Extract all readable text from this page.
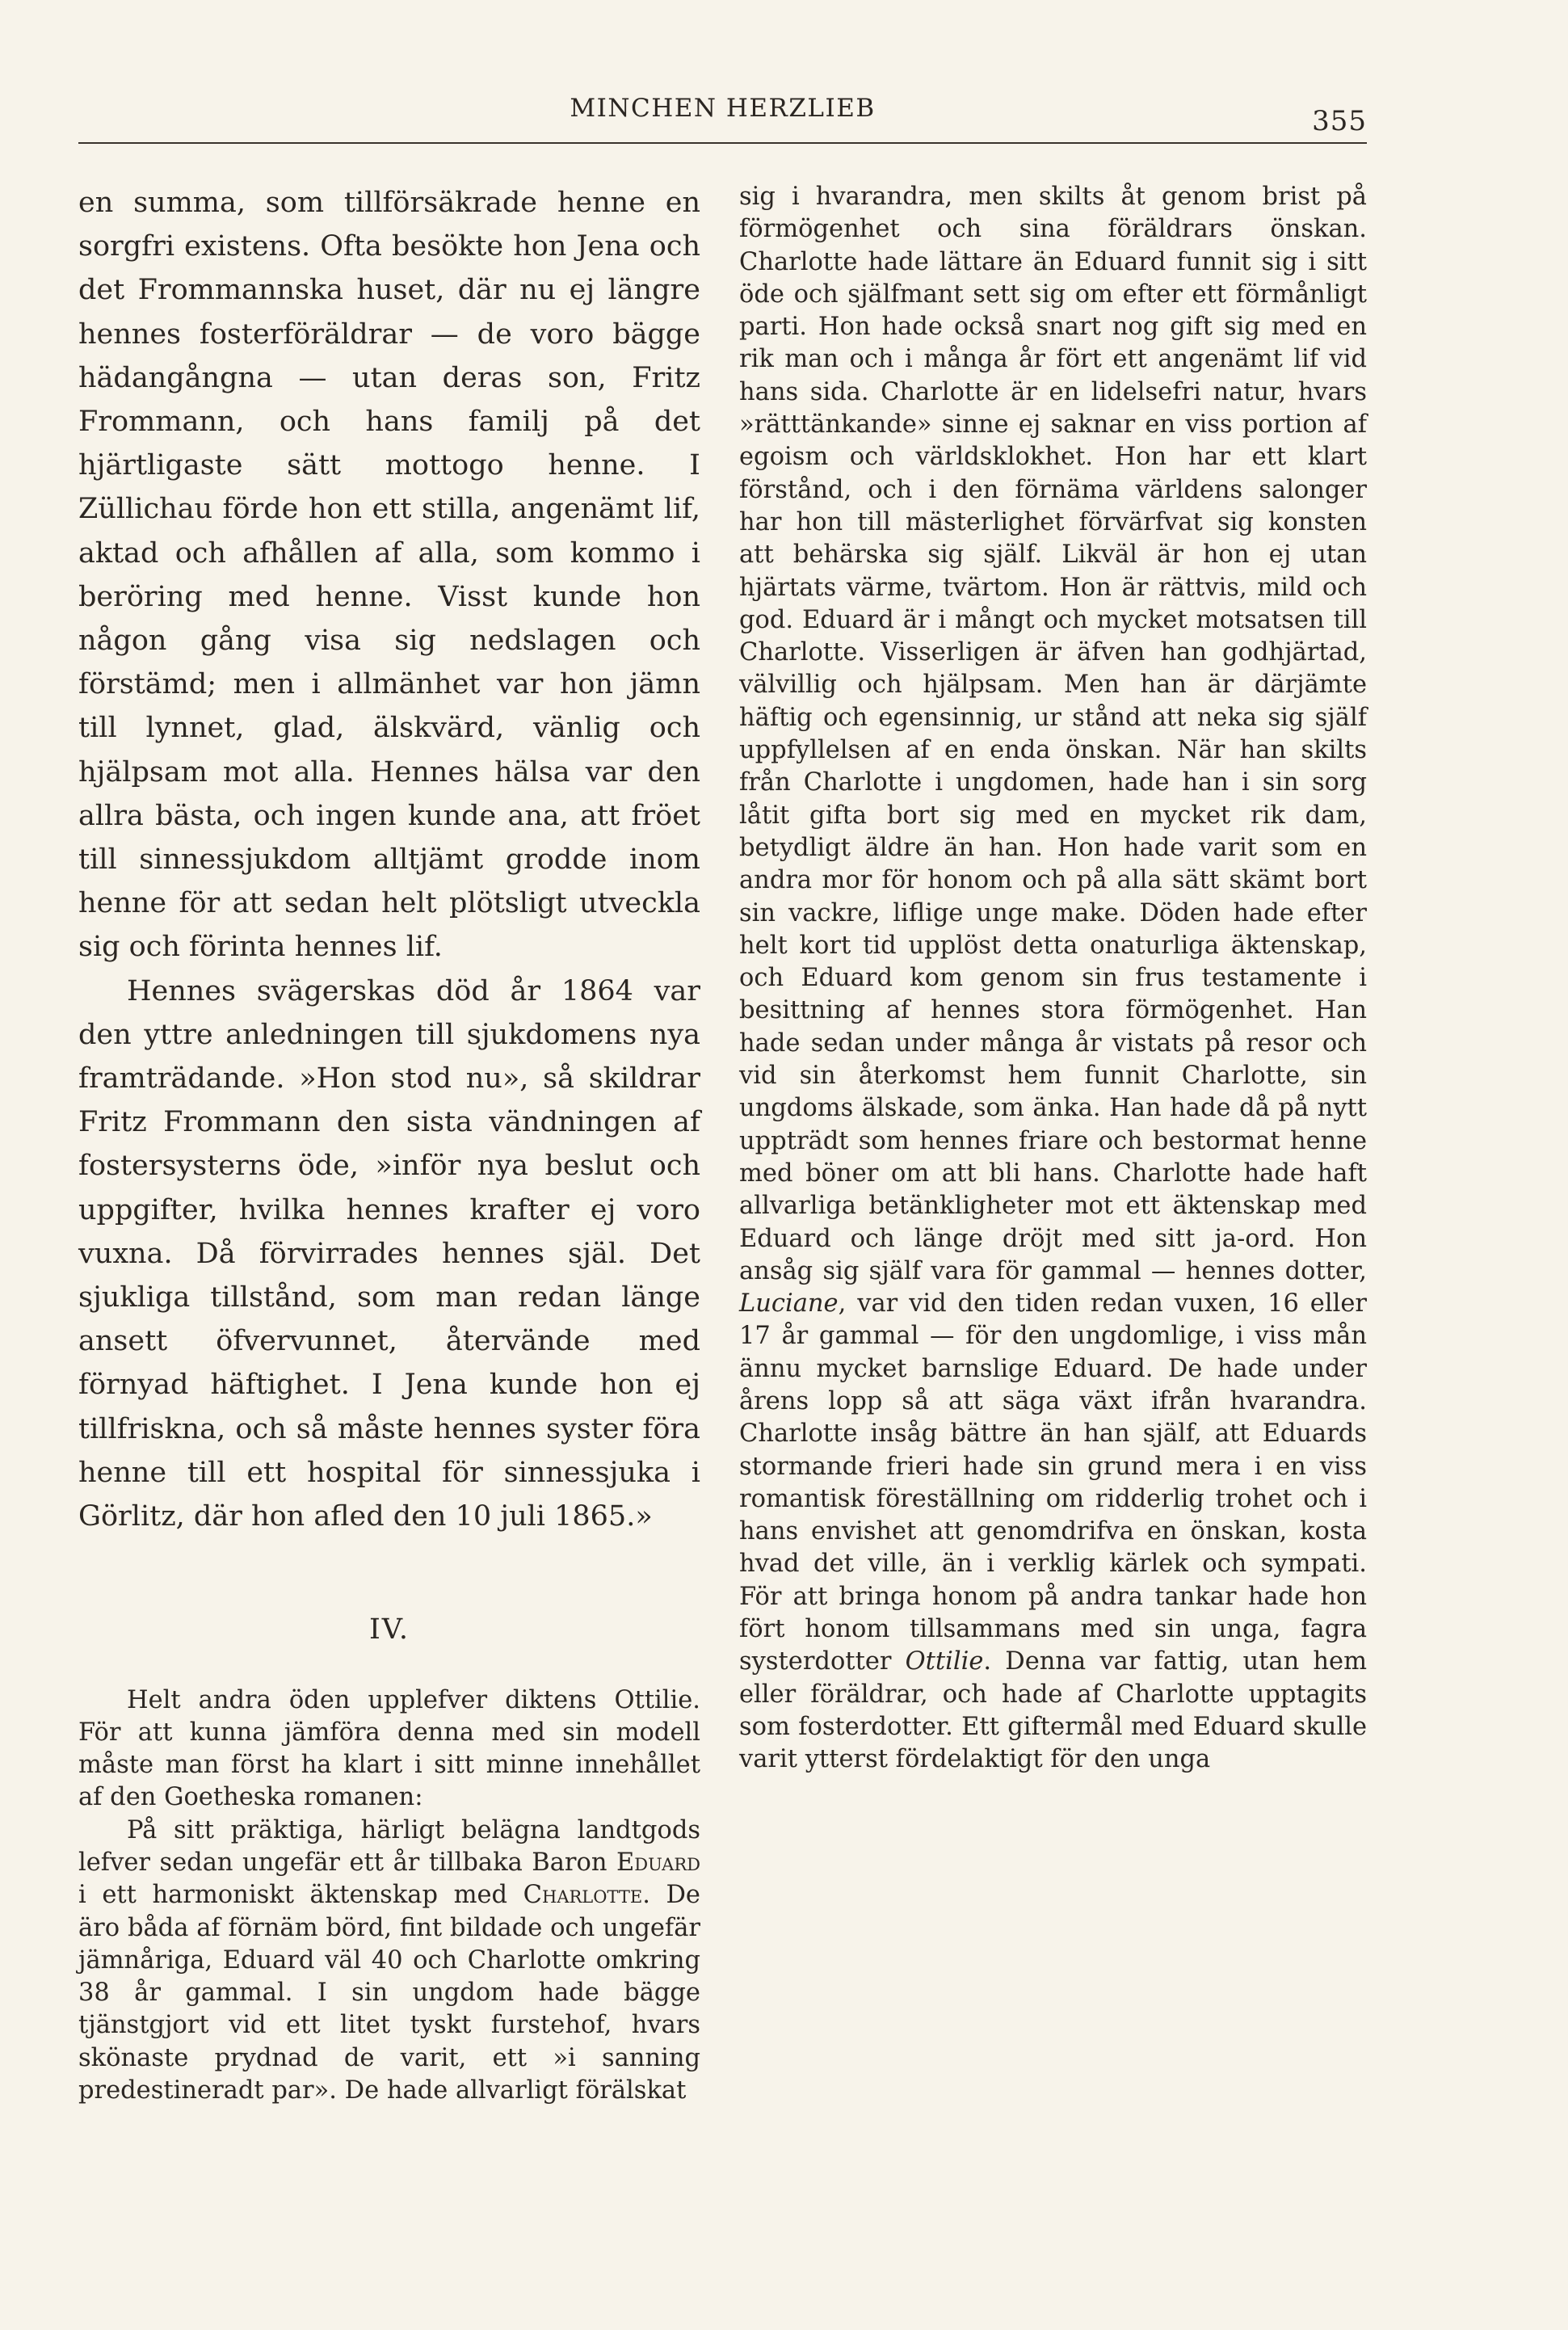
MINCHEN HERZLIEB	355

en summa, som tillförsäkrade henne en sorgfri existens. Ofta besökte hon Jena och det Frommannska huset, där nu ej längre hennes fosterföräldrar — de voro bägge hädangångna — utan deras son, Fritz Frommann, och hans familj på det hjärtligaste sätt mottogo henne. I Züllichau förde hon ett stilla, angenämt lif, aktad och afhållen af alla, som kommo i beröring med henne. Visst kunde hon någon gång visa sig nedslagen och förstämd; men i allmänhet var hon jämn till lynnet, glad, älskvärd, vänlig och hjälpsam mot alla. Hennes hälsa var den allra bästa, och ingen kunde ana, att fröet till sinnessjukdom alltjämt grodde inom henne för att sedan helt plötsligt utveckla sig och förinta hennes lif.

Hennes svägerskas död år 1864 var den yttre anledningen till sjukdomens nya framträdande. »Hon stod nu», så skildrar Fritz Frommann den sista vändningen af fostersysterns öde, »inför nya beslut och uppgifter, hvilka hennes krafter ej voro vuxna. Då förvirrades hennes själ. Det sjukliga tillstånd, som man redan länge ansett öfvervunnet, återvände med förnyad häftighet. I Jena kunde hon ej tillfriskna, och så måste hennes syster föra henne till ett hospital för sinnessjuka i Görlitz, där hon afled den 10 juli 1865.»

IV.

Helt andra öden upplefver diktens Ottilie. För att kunna jämföra denna med sin modell måste man först ha klart i sitt minne innehållet af den Goetheska romanen:

På sitt präktiga, härligt belägna landtgods lefver sedan ungefär ett år tillbaka Baron Eduard i ett harmoniskt äktenskap med Charlotte. De äro båda af förnäm börd, fint bildade och ungefär jämnåriga, Eduard väl 40 och Charlotte omkring 38 år gammal. I sin ungdom hade bägge tjänstgjort vid ett litet tyskt furstehof, hvars skönaste prydnad de varit, ett »i sanning predestineradt par». De hade allvarligt förälskat

sig i hvarandra, men skilts åt genom brist på förmögenhet och sina föräldrars önskan. Charlotte hade lättare än Eduard funnit sig i sitt öde och själfmant sett sig om efter ett förmånligt parti. Hon hade också snart nog gift sig med en rik man och i många år fört ett angenämt lif vid hans sida. Charlotte är en lidelsefri natur, hvars »rätttänkande» sinne ej saknar en viss portion af egoism och världsklokhet. Hon har ett klart förstånd, och i den förnäma världens salonger har hon till mästerlighet förvärfvat sig konsten att behärska sig själf. Likväl är hon ej utan hjärtats värme, tvärtom. Hon är rättvis, mild och god. Eduard är i mångt och mycket motsatsen till Charlotte. Visserligen är äfven han godhjärtad, välvillig och hjälpsam. Men han är därjämte häftig och egensinnig, ur stånd att neka sig själf uppfyllelsen af en enda önskan. När han skilts från Charlotte i ungdomen, hade han i sin sorg låtit gifta bort sig med en mycket rik dam, betydligt äldre än han. Hon hade varit som en andra mor för honom och på alla sätt skämt bort sin vackre, liflige unge make. Döden hade efter helt kort tid upplöst detta onaturliga äktenskap, och Eduard kom genom sin frus testamente i besittning af hennes stora förmögenhet. Han hade sedan under många år vistats på resor och vid sin återkomst hem funnit Charlotte, sin ungdoms älskade, som änka. Han hade då på nytt uppträdt som hennes friare och bestormat henne med böner om att bli hans. Charlotte hade haft allvarliga betänkligheter mot ett äktenskap med Eduard och länge dröjt med sitt ja-ord. Hon ansåg sig själf vara för gammal — hennes dotter, Luciane, var vid den tiden redan vuxen, 16 eller 17 år gammal — för den ungdomlige, i viss mån ännu mycket barnslige Eduard. De hade under årens lopp så att säga växt ifrån hvarandra. Charlotte insåg bättre än han själf, att Eduards stormande frieri hade sin grund mera i en viss romantisk föreställning om ridderlig trohet och i hans envishet att genomdrifva en önskan, kosta hvad det ville, än i verklig kärlek och sympati. För att bringa honom på andra tankar hade hon fört honom tillsammans med sin unga, fagra systerdotter Ottilie. Denna var fattig, utan hem eller föräldrar, och hade af Charlotte upptagits som fosterdotter. Ett giftermål med Eduard skulle varit ytterst fördelaktigt för den unga
